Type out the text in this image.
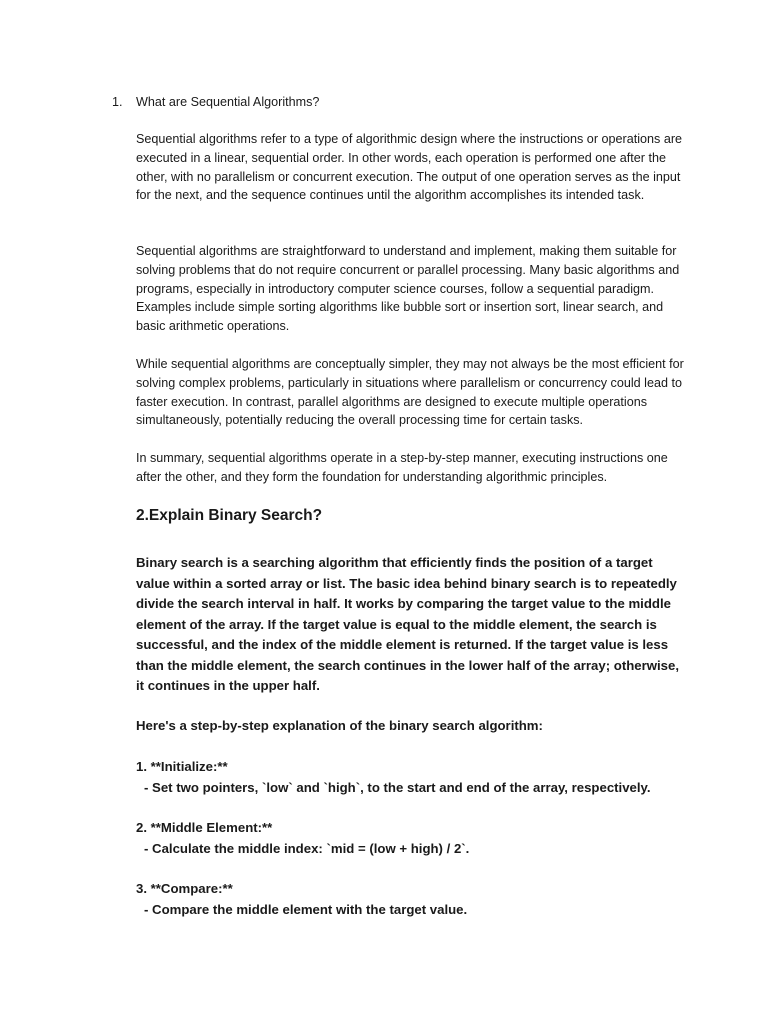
1. What are Sequential Algorithms?

Sequential algorithms refer to a type of algorithmic design where the instructions or operations are executed in a linear, sequential order. In other words, each operation is performed one after the other, with no parallelism or concurrent execution. The output of one operation serves as the input for the next, and the sequence continues until the algorithm accomplishes its intended task.

Sequential algorithms are straightforward to understand and implement, making them suitable for solving problems that do not require concurrent or parallel processing. Many basic algorithms and programs, especially in introductory computer science courses, follow a sequential paradigm. Examples include simple sorting algorithms like bubble sort or insertion sort, linear search, and basic arithmetic operations.

While sequential algorithms are conceptually simpler, they may not always be the most efficient for solving complex problems, particularly in situations where parallelism or concurrency could lead to faster execution. In contrast, parallel algorithms are designed to execute multiple operations simultaneously, potentially reducing the overall processing time for certain tasks.

In summary, sequential algorithms operate in a step-by-step manner, executing instructions one after the other, and they form the foundation for understanding algorithmic principles.

2.Explain Binary Search?

Binary search is a searching algorithm that efficiently finds the position of a target value within a sorted array or list. The basic idea behind binary search is to repeatedly divide the search interval in half. It works by comparing the target value to the middle element of the array. If the target value is equal to the middle element, the search is successful, and the index of the middle element is returned. If the target value is less than the middle element, the search continues in the lower half of the array; otherwise, it continues in the upper half.

Here's a step-by-step explanation of the binary search algorithm:

1. **Initialize:**
- Set two pointers, `low` and `high`, to the start and end of the array, respectively.
2. **Middle Element:**
- Calculate the middle index: `mid = (low + high) / 2`.
3. **Compare:**
- Compare the middle element with the target value.
